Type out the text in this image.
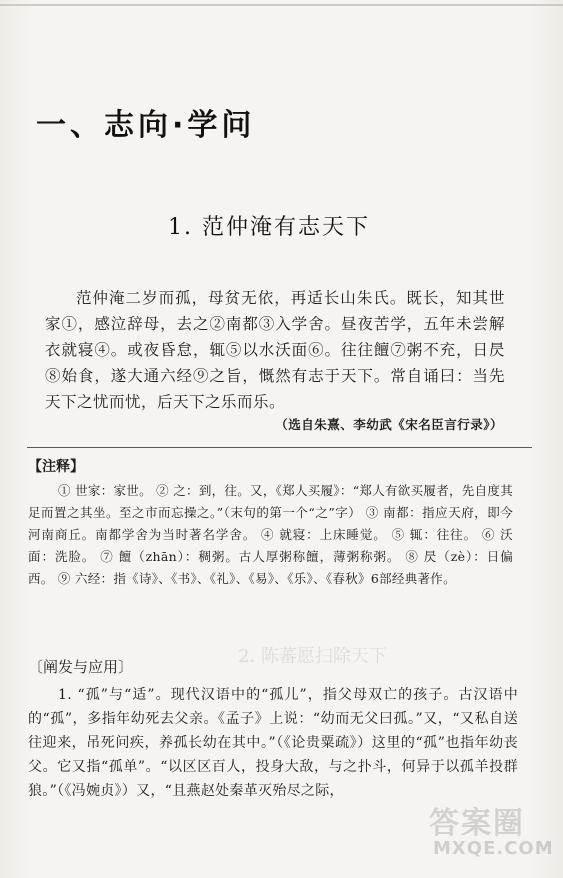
一、志向·学问
1. 范仲淹有志天下

范仲淹二岁而孤，母贫无依，再适长山朱氏。既长，知其世家①，感泣辞母，去之②南都③入学舍。昼夜苦学，五年未尝解衣就寝④。或夜昏怠，辄⑤以水沃面⑥。往往饘⑦粥不充，日昃⑧始食，遂大通六经⑨之旨，慨然有志于天下。常自诵曰：当先天下之忧而忧，后天下之乐而乐。

（选自朱熹、李幼武《宋名臣言行录》）
【注释】

① 世家：家世。 ② 之：到，往。又，《郑人买履》：“郑人有欲买履者，先自度其足而置之其坐。至之市而忘操之。”（末句的第一个“之”字） ③ 南都：指应天府，即今河南商丘。南都学舍为当时著名学舍。 ④ 就寝：上床睡觉。 ⑤ 辄：往往。 ⑥ 沃面：洗脸。 ⑦ 饘（zhān）：稠粥。古人厚粥称饘，薄粥称粥。 ⑧ 昃（zè）：日偏西。 ⑨ 六经：指《诗》、《书》、《礼》、《易》、《乐》、《春秋》6部经典著作。

2. 陈蕃愿扫除天下
〔阐发与应用〕

1. “孤”与“适”。现代汉语中的“孤儿”，指父母双亡的孩子。古汉语中的“孤”，多指年幼死去父亲。《孟子》上说：“幼而无父曰孤。”又，“又私自送往迎来，吊死问疾，养孤长幼在其中。”（《论贵粟疏》）这里的“孤”也指年幼丧父。它又指“孤单”。“以区区百人，投身大敌，与之扑斗，何异于以孤羊投群狼。”（《冯婉贞》）又，“且燕赵处秦革灭殆尽之际，

答案圈
MXQE.COM
